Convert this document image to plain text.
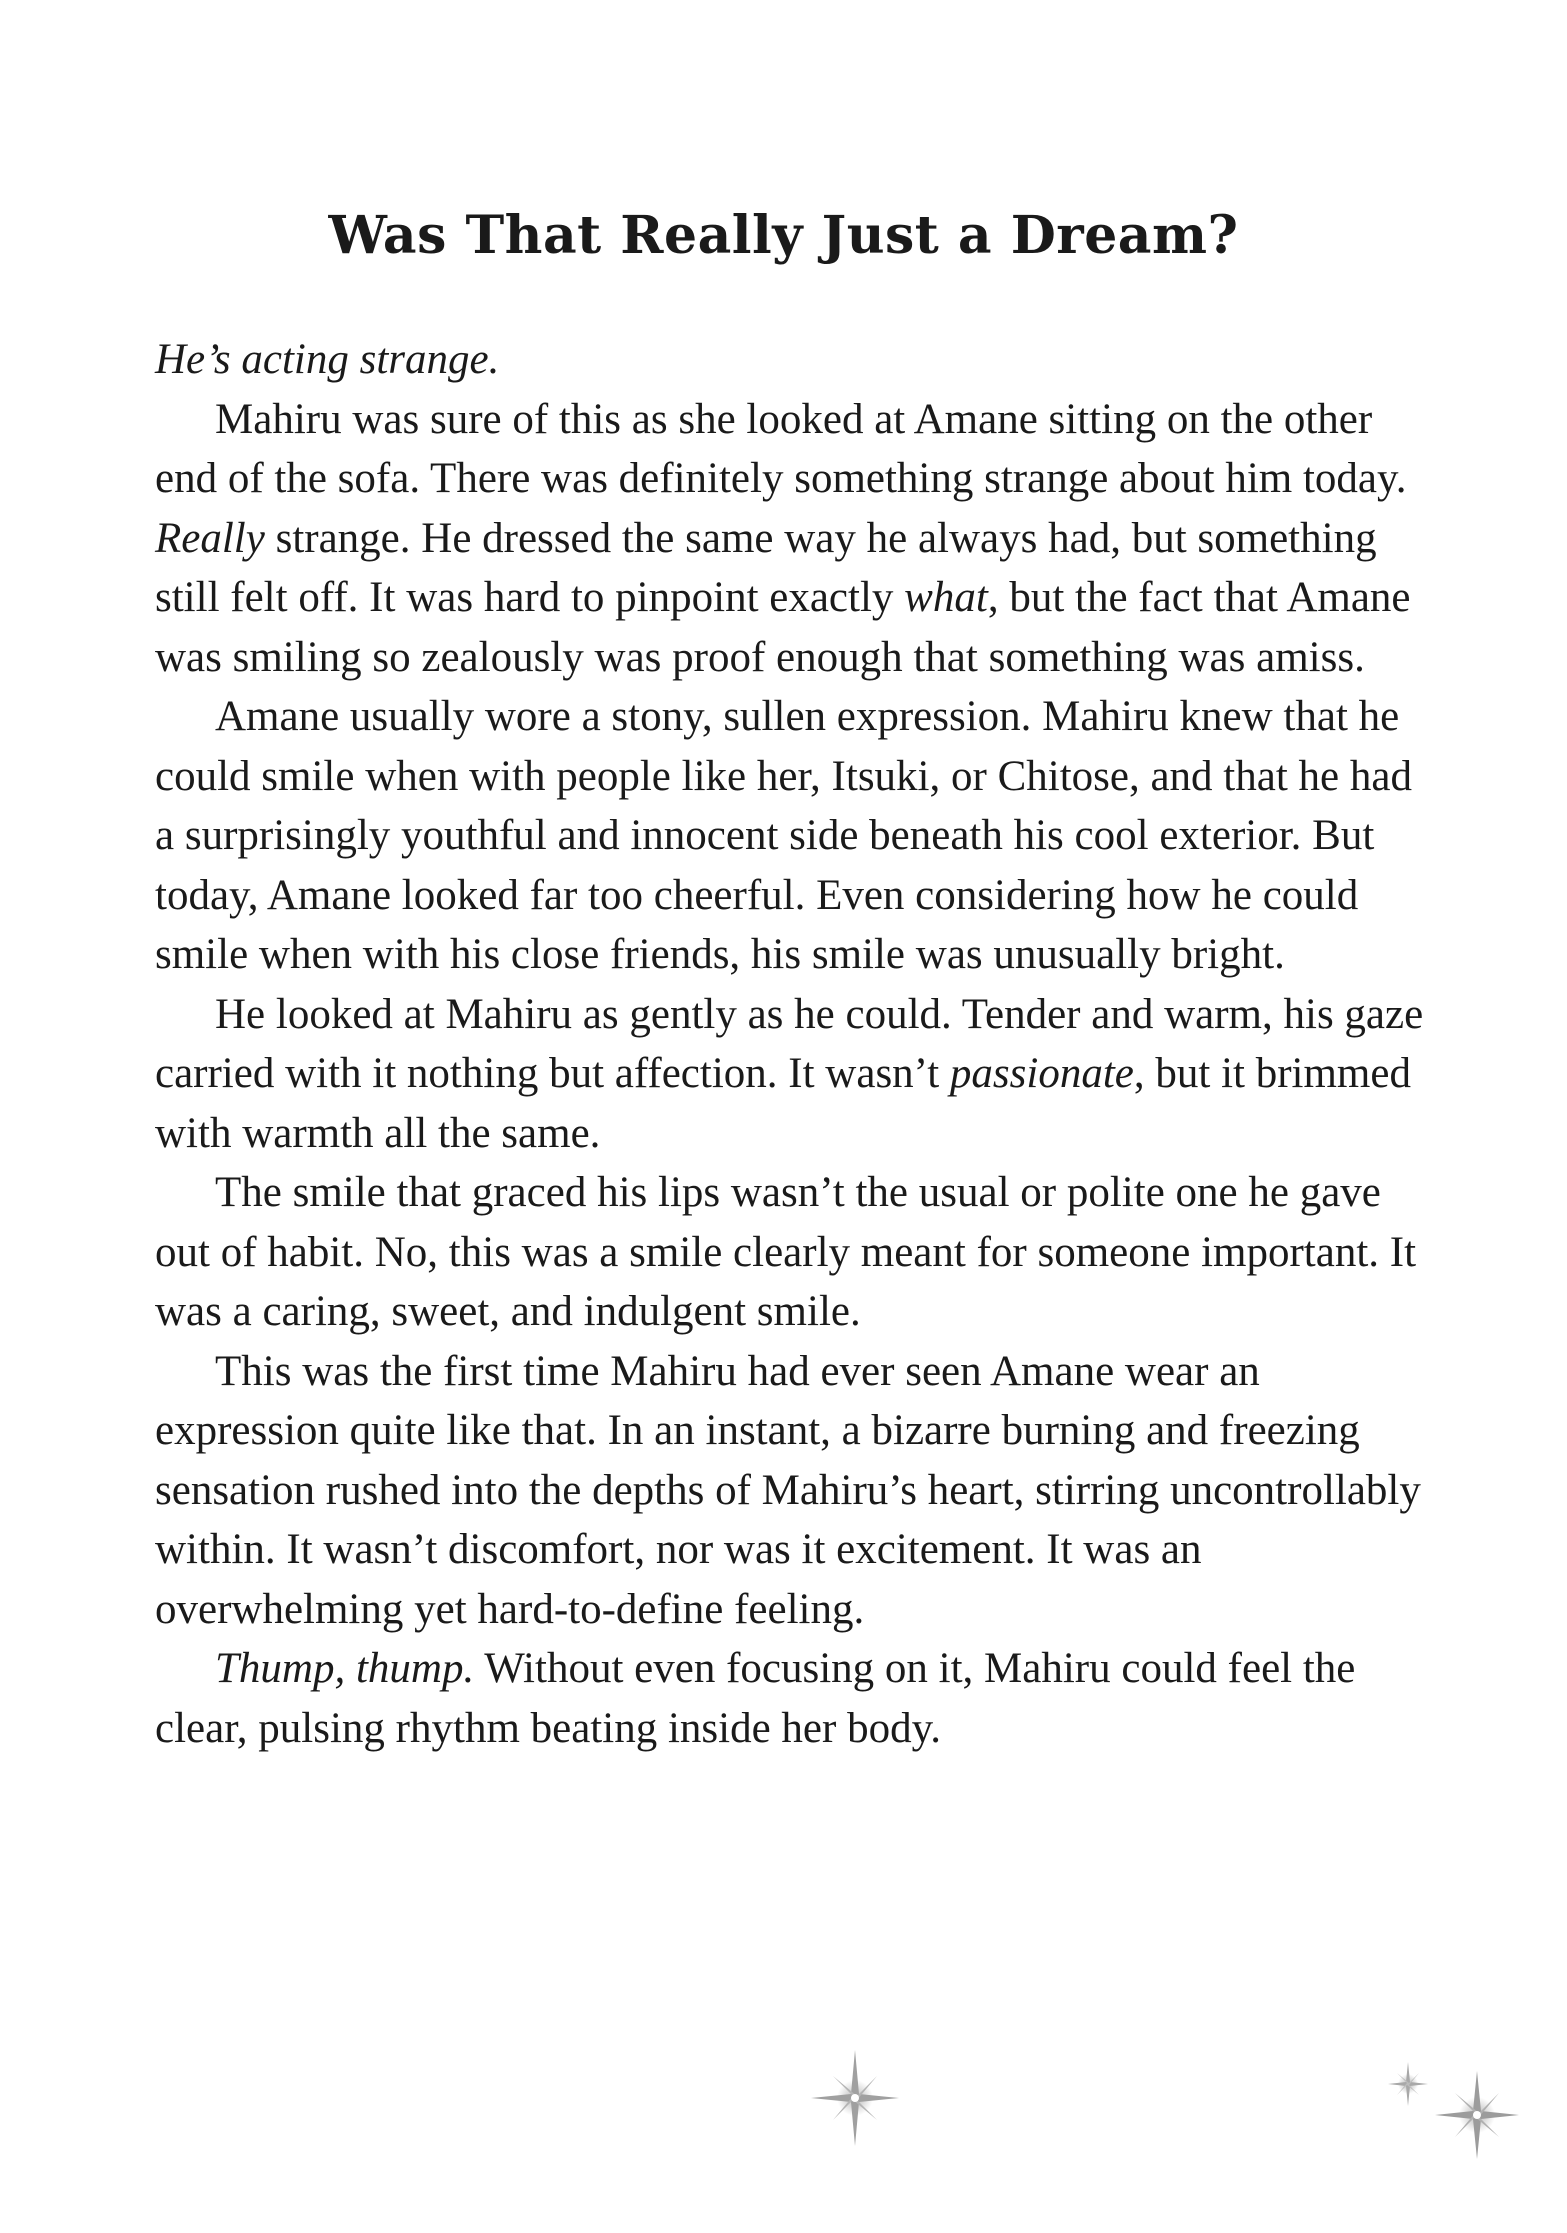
Was That Really Just a Dream?

He’s acting strange.

Mahiru was sure of this as she looked at Amane sitting on the other end of the sofa. There was definitely something strange about him today. Really strange. He dressed the same way he always had, but something still felt off. It was hard to pinpoint exactly what, but the fact that Amane was smiling so zealously was proof enough that something was amiss.

Amane usually wore a stony, sullen expression. Mahiru knew that he could smile when with people like her, Itsuki, or Chitose, and that he had a surprisingly youthful and innocent side beneath his cool exterior. But today, Amane looked far too cheerful. Even considering how he could smile when with his close friends, his smile was unusually bright.

He looked at Mahiru as gently as he could. Tender and warm, his gaze carried with it nothing but affection. It wasn’t passionate, but it brimmed with warmth all the same.

The smile that graced his lips wasn’t the usual or polite one he gave out of habit. No, this was a smile clearly meant for someone important. It was a caring, sweet, and indulgent smile.

This was the first time Mahiru had ever seen Amane wear an expression quite like that. In an instant, a bizarre burning and freezing sensation rushed into the depths of Mahiru’s heart, stirring uncontrollably within. It wasn’t discomfort, nor was it excitement. It was an overwhelming yet hard-to-define feeling.

Thump, thump. Without even focusing on it, Mahiru could feel the clear, pulsing rhythm beating inside her body.
